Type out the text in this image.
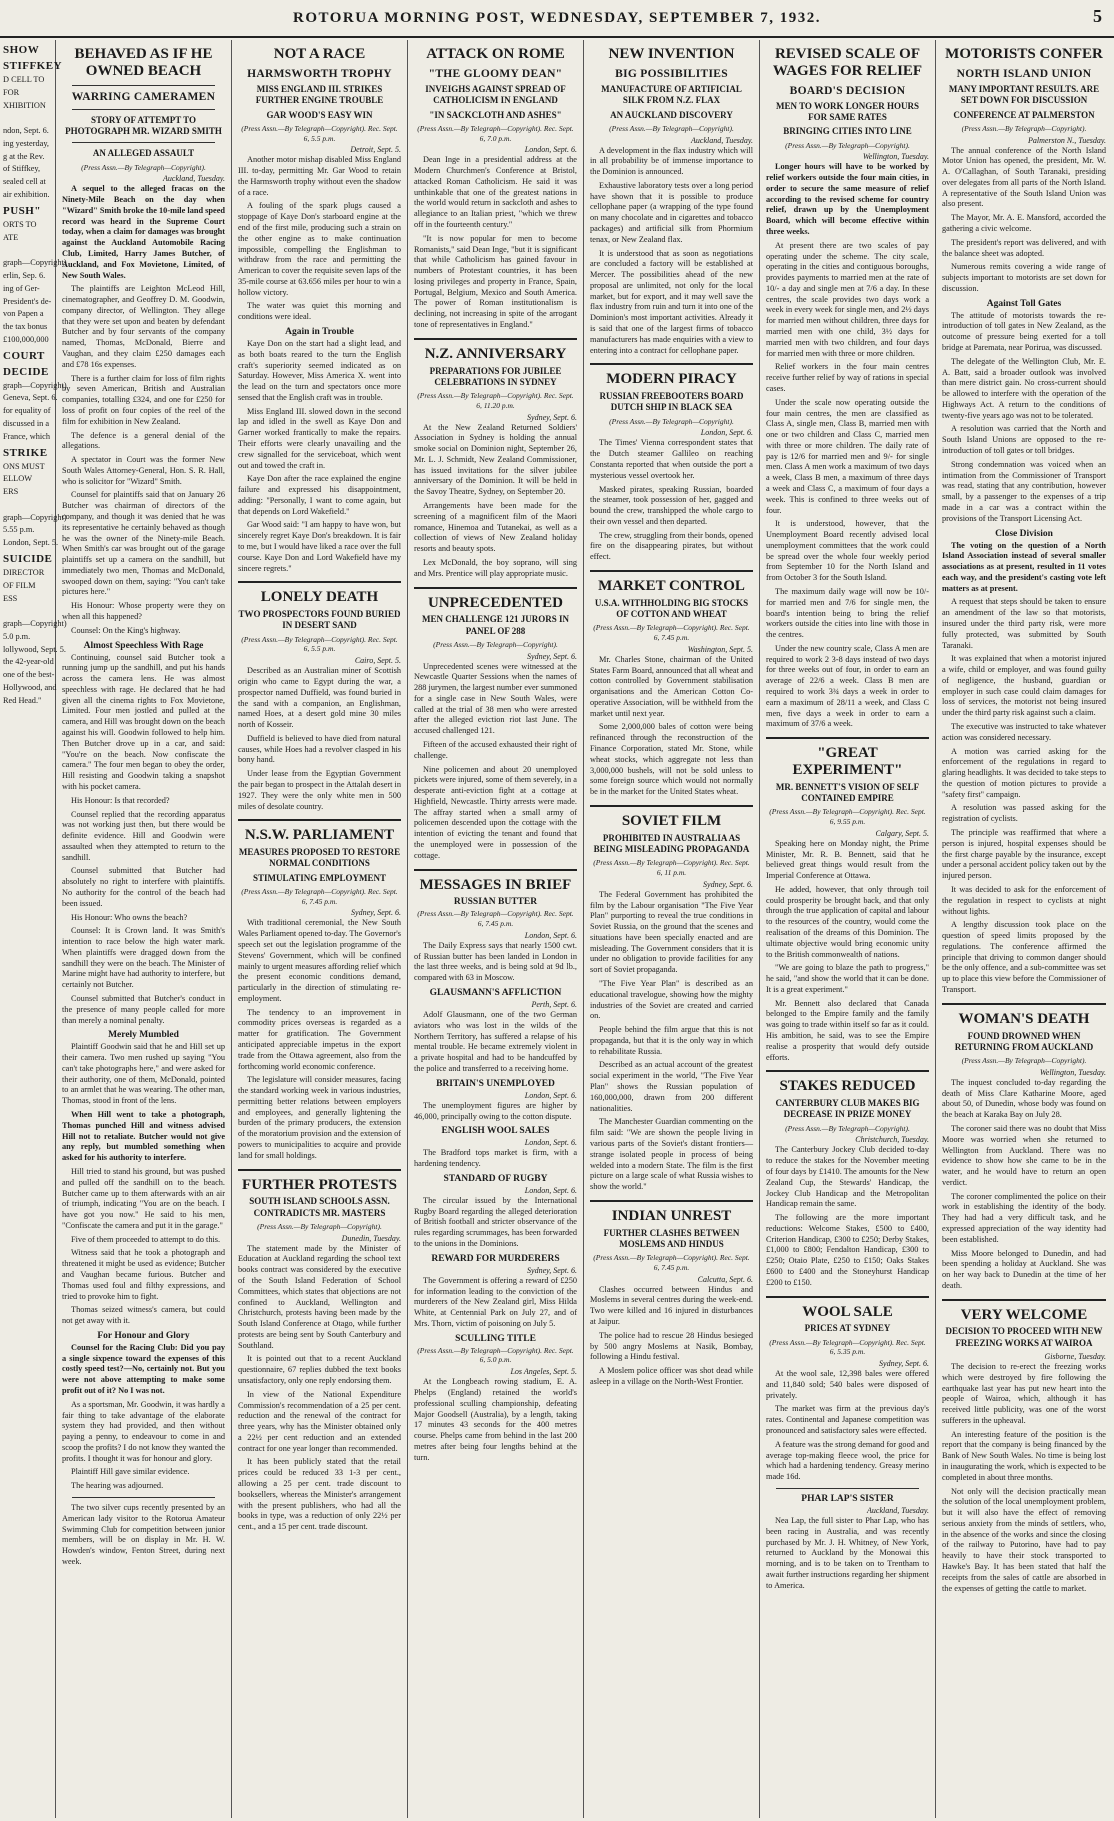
ROTORUA MORNING POST, WEDNESDAY, SEPTEMBER 7, 1932.	5
SHOW
STIFFKEY
D CELL TO
FOR
XHIBITION

ndon, Sept. 6.
ing yesterday,
g at the Rev.
of Stiffkey,
sealed cell at
air exhibition.
PUSH"
ORTS TO
ATE

graph—Copyright)
erlin, Sep. 6.
ing of Ger-
President's de-
von Papen a
the tax bonus
£100,000,000
COURT
DECIDE
graph—Copyright)
Geneva, Sept. 6.
for equality of
discussed in a
France, which
STRIKE
ONS MUST
ELLOW
ERS

graph—Copyright)
5.55 p.m.
London, Sept. 5.
SUICIDE
DIRECTOR
OF FILM
ESS

graph—Copyright)
5.0 p.m.
lollywood, Sept. 5.
the 42-year-old
one of the best-
Hollywood, and
Red Head."
BEHAVED AS IF HE OWNED BEACH
WARRING CAMERAMEN
STORY OF ATTEMPT TO PHOTOGRAPH MR. WIZARD SMITH
AN ALLEGED ASSAULT
(Press Assn.—By Telegraph—Copyright).
Auckland, Tuesday.

A sequel to the alleged fracas on the Ninety-Mile Beach on the day when "Wizard" Smith broke the 10-mile land speed record was heard in the Supreme Court today, when a claim for damages was brought against the Auckland Automobile Racing Club, Limited, Harry James Butcher, of Auckland, and Fox Movietone, Limited, of New South Wales.

The plaintiffs are Leighton McLeod Hill, cinematographer, and Geoffrey D. M. Goodwin, company director, of Wellington. They allege that they were set upon and beaten by defendant Butcher and by four servants of the company named, Thomas, McDonald, Bierre and Vaughan, and they claim £250 damages each and £78 16s expenses.

There is a further claim for loss of film rights by seven American, British and Australian companies, totalling £324, and one for £250 for loss of profit on four copies of the reel of the film for exhibition in New Zealand.

The defence is a general denial of the allegations.

A spectator in Court was the former New South Wales Attorney-General, Hon. S. R. Hall, who is solicitor for "Wizard" Smith.

Counsel for plaintiffs said that on January 26 Butcher was chairman of directors of the company, and though it was denied that he was its representative he certainly behaved as though he was the owner of the Ninety-mile Beach. When Smith's car was brought out of the garage plaintiffs set up a camera on the sandhill, but immediately two men, Thomas and McDonald, swooped down on them, saying: "You can't take pictures here."

His Honour: Whose property were they on when all this happened?

Counsel: On the King's highway.

Almost Speechless With Rage

Continuing, counsel said Butcher took a running jump up the sandhill, and put his hands across the camera lens. He was almost speechless with rage. He declared that he had given all the cinema rights to Fox Movietone, Limited. Four men jostled and pulled at the camera, and Hill was brought down on the beach against his will. Goodwin followed to help him. Then Butcher drove up in a car, and said: "You're on the beach. Now confiscate the camera." The four men began to obey the order, Hill resisting and Goodwin taking a snapshot with his pocket camera.

His Honour: Is that recorded?

Counsel replied that the recording apparatus was not working just then, but there would be definite evidence. Hill and Goodwin were assaulted when they attempted to return to the sandhill.

Counsel submitted that Butcher had absolutely no right to interfere with plaintiffs. No authority for the control of the beach had been issued.

His Honour: Who owns the beach?

Counsel: It is Crown land. It was Smith's intention to race below the high water mark. When plaintiffs were dragged down from the sandhill they were on the beach. The Minister of Marine might have had authority to interfere, but certainly not Butcher.

Counsel submitted that Butcher's conduct in the presence of many people called for more than merely a nominal penalty.

Merely Mumbled

Plaintiff Goodwin said that he and Hill set up their camera. Two men rushed up saying "You can't take photographs here," and were asked for their authority, one of them, McDonald, pointed to an armlet that he was wearing. The other man, Thomas, stood in front of the lens.

When Hill went to take a photograph, Thomas punched Hill and witness advised Hill not to retaliate. Butcher would not give any reply, but mumbled something when asked for his authority to interfere.

Hill tried to stand his ground, but was pushed and pulled off the sandhill on to the beach. Butcher came up to them afterwards with an air of triumph, indicating "You are on the beach. I have got you now." He said to his men, "Confiscate the camera and put it in the garage."

Five of them proceeded to attempt to do this.

Witness said that he took a photograph and threatened it might be used as evidence; Butcher and Vaughan became furious. Butcher and Thomas used foul and filthy expressions, and tried to provoke him to fight.

Thomas seized witness's camera, but could not get away with it.

For Honour and Glory

Counsel for the Racing Club: Did you pay a single sixpence toward the expenses of this costly speed test?—No, certainly not. But you were not above attempting to make some profit out of it? No I was not.

As a sportsman, Mr. Goodwin, it was hardly a fair thing to take advantage of the elaborate system they had provided, and then without paying a penny, to endeavour to come in and scoop the profits? I do not know they wanted the profits. I thought it was for honour and glory.

Plaintiff Hill gave similar evidence.

The hearing was adjourned.

The two silver cups recently presented by an American lady visitor to the Rotorua Amateur Swimming Club for competition between junior members, will be on display in Mr. H. W. Howden's window, Fenton Street, during next week.

NOT A RACE
HARMSWORTH TROPHY
MISS ENGLAND III. STRIKES FURTHER ENGINE TROUBLE
GAR WOOD'S EASY WIN
(Press Assn.—By Telegraph—Copyright). Rec. Sept. 6, 5.5 p.m.
Detroit, Sept. 5.

Another motor mishap disabled Miss England III. to-day, permitting Mr. Gar Wood to retain the Harmsworth trophy without even the shadow of a race.

A fouling of the spark plugs caused a stoppage of Kaye Don's starboard engine at the end of the first mile, producing such a strain on the other engine as to make continuation impossible, compelling the Englishman to withdraw from the race and permitting the American to cover the requisite seven laps of the 35-mile course at 63.656 miles per hour to win a hollow victory.

The water was quiet this morning and conditions were ideal.

Again in Trouble

Kaye Don on the start had a slight lead, and as both boats reared to the turn the English craft's superiority seemed indicated as on Saturday. However, Miss America X. went into the lead on the turn and spectators once more sensed that the English craft was in trouble.

Miss England III. slowed down in the second lap and idled in the swell as Kaye Don and Garner worked frantically to make the repairs. Their efforts were clearly unavailing and the crew signalled for the serviceboat, which went out and towed the craft in.

Kaye Don after the race explained the engine failure and expressed his disappointment, adding: "Personally, I want to come again, but that depends on Lord Wakefield."

Gar Wood said: "I am happy to have won, but sincerely regret Kaye Don's breakdown. It is fair to me, but I would have liked a race over the full course. Kaye Don and Lord Wakefield have my sincere regrets."

LONELY DEATH
TWO PROSPECTORS FOUND BURIED IN DESERT SAND
(Press Assn.—By Telegraph—Copyright). Rec. Sept. 6, 5.5 p.m.
Cairo, Sept. 5.

Described as an Australian miner of Scottish origin who came to Egypt during the war, a prospector named Duffield, was found buried in the sand with a companion, an Englishman, named Hoes, at a desert gold mine 30 miles north of Kosseir.

Duffield is believed to have died from natural causes, while Hoes had a revolver clasped in his bony hand.

Under lease from the Egyptian Government the pair began to prospect in the Attalah desert in 1927. They were the only white men in 500 miles of desolate country.

N.S.W. PARLIAMENT
MEASURES PROPOSED TO RESTORE NORMAL CONDITIONS
STIMULATING EMPLOYMENT
(Press Assn.—By Telegraph—Copyright). Rec. Sept. 6, 7.45 p.m.
Sydney, Sept. 6.

With traditional ceremonial, the New South Wales Parliament opened to-day. The Governor's speech set out the legislation programme of the Stevens' Government, which will be confined mainly to urgent measures affording relief which the present economic conditions demand, particularly in the direction of stimulating re-employment.

The tendency to an improvement in commodity prices overseas is regarded as a matter for gratification. The Government anticipated appreciable impetus in the export trade from the Ottawa agreement, also from the forthcoming world economic conference.

The legislature will consider measures, facing the standard working week in various industries, permitting better relations between employers and employees, and generally lightening the burden of the primary producers, the extension of the moratorium provision and the extension of powers to municipalities to acquire and provide land for small holdings.

FURTHER PROTESTS
SOUTH ISLAND SCHOOLS ASSN. CONTRADICTS MR. MASTERS
(Press Assn.—By Telegraph—Copyright).
Dunedin, Tuesday.

The statement made by the Minister of Education at Auckland regarding the school text books contract was considered by the executive of the South Island Federation of School Committees, which states that objections are not confined to Auckland, Wellington and Christchurch, protests having been made by the South Island Conference at Otago, while further protests are being sent by South Canterbury and Southland.

It is pointed out that to a recent Auckland questionnaire, 67 replies dubbed the text books unsatisfactory, only one reply endorsing them.

In view of the National Expenditure Commission's recommendation of a 25 per cent. reduction and the renewal of the contract for three years, why has the Minister obtained only a 22½ per cent reduction and an extended contract for one year longer than recommended.

It has been publicly stated that the retail prices could be reduced 33 1-3 per cent., allowing a 25 per cent. trade discount to booksellers, whereas the Minister's arrangement with the present publishers, who had all the books in type, was a reduction of only 22½ per cent., and a 15 per cent. trade discount.

ATTACK ON ROME
"THE GLOOMY DEAN"
INVEIGHS AGAINST SPREAD OF CATHOLICISM IN ENGLAND
"IN SACKCLOTH AND ASHES"
(Press Assn.—By Telegraph—Copyright). Rec. Sept. 6, 7.0 p.m.
London, Sept. 6.

Dean Inge in a presidential address at the Modern Churchmen's Conference at Bristol, attacked Roman Catholicism. He said it was unthinkable that one of the greatest nations in the world would return in sackcloth and ashes to allegiance to an Italian priest, "which we threw off in the fourteenth century."

"It is now popular for men to become Romanists," said Dean Inge, "but it is significant that while Catholicism has gained favour in numbers of Protestant countries, it has been losing privileges and property in France, Spain, Portugal, Belgium, Mexico and South America. The power of Roman institutionalism is declining, not increasing in spite of the arrogant tone of representatives in England."

N.Z. ANNIVERSARY
PREPARATIONS FOR JUBILEE CELEBRATIONS IN SYDNEY
(Press Assn.—By Telegraph—Copyright). Rec. Sept. 6, 11.20 p.m.
Sydney, Sept. 6.

At the New Zealand Returned Soldiers' Association in Sydney is holding the annual smoke social on Dominion night, September 26, Mr. L. J. Schmidt, New Zealand Commissioner, has issued invitations for the silver jubilee anniversary of the Dominion. It will be held in the Savoy Theatre, Sydney, on September 20.

Arrangements have been made for the screening of a magnificent film of the Maori romance, Hinemoa and Tutanekai, as well as a collection of views of New Zealand holiday resorts and beauty spots.

Lex McDonald, the boy soprano, will sing and Mrs. Prentice will play appropriate music.

UNPRECEDENTED
MEN CHALLENGE 121 JURORS IN PANEL OF 288
(Press Assn.—By Telegraph—Copyright).
Sydney, Sept. 6.

Unprecedented scenes were witnessed at the Newcastle Quarter Sessions when the names of 288 jurymen, the largest number ever summoned for a single case in New South Wales, were called at the trial of 38 men who were arrested after the alleged eviction riot last June. The accused challenged 121.

Fifteen of the accused exhausted their right of challenge.

Nine policemen and about 20 unemployed pickets were injured, some of them severely, in a desperate anti-eviction fight at a cottage at Highfield, Newcastle. Thirty arrests were made. The affray started when a small army of policemen descended upon the cottage with the intention of evicting the tenant and found that the unemployed were in possession of the cottage.

MESSAGES IN BRIEF
RUSSIAN BUTTER
(Press Assn.—By Telegraph—Copyright). Rec. Sept. 6, 7.45 p.m.
London, Sept. 6.

The Daily Express says that nearly 1500 cwt. of Russian butter has been landed in London in the last three weeks, and is being sold at 9d lb., compared with 63 in Moscow.

GLAUSMANN'S AFFLICTION
Perth, Sept. 6.

Adolf Glausmann, one of the two German aviators who was lost in the wilds of the Northern Territory, has suffered a relapse of his mental trouble. He became extremely violent in a private hospital and had to be handcuffed by the police and transferred to a receiving home.

BRITAIN'S UNEMPLOYED
London, Sept. 6.

The unemployment figures are higher by 46,000, principally owing to the cotton dispute.

ENGLISH WOOL SALES
London, Sept. 6.

The Bradford tops market is firm, with a hardening tendency.

STANDARD OF RUGBY
London, Sept. 6.

The circular issued by the International Rugby Board regarding the alleged deterioration of British football and stricter observance of the rules regarding scrummages, has been forwarded to the unions in the Dominions.

REWARD FOR MURDERERS
Sydney, Sept. 6.

The Government is offering a reward of £250 for information leading to the conviction of the murderers of the New Zealand girl, Miss Hilda White, at Centennial Park on July 27, and of Mrs. Thorn, victim of poisoning on July 5.

SCULLING TITLE
(Press Assn.—By Telegraph—Copyright). Rec. Sept. 6, 5.0 p.m.
Los Angeles, Sept. 5.

At the Longbeach rowing stadium, E. A. Phelps (England) retained the world's professional sculling championship, defeating Major Goodsell (Australia), by a length, taking 17 minutes 43 seconds for the 400 metres course. Phelps came from behind in the last 200 metres after being four lengths behind at the turn.

NEW INVENTION
BIG POSSIBILITIES
MANUFACTURE OF ARTIFICIAL SILK FROM N.Z. FLAX
AN AUCKLAND DISCOVERY
(Press Assn.—By Telegraph—Copyright).
Auckland, Tuesday.

A development in the flax industry which will in all probability be of immense importance to the Dominion is announced.

Exhaustive laboratory tests over a long period have shown that it is possible to produce cellophane paper (a wrapping of the type found on many chocolate and in cigarettes and tobacco packages) and artificial silk from Phormium tenax, or New Zealand flax.

It is understood that as soon as negotiations are concluded a factory will be established at Mercer. The possibilities ahead of the new proposal are unlimited, not only for the local market, but for export, and it may well save the flax industry from ruin and turn it into one of the Dominion's most important activities. Already it is said that one of the largest firms of tobacco manufacturers has made enquiries with a view to entering into a contract for cellophane paper.

MODERN PIRACY
RUSSIAN FREEBOOTERS BOARD DUTCH SHIP IN BLACK SEA
(Press Assn.—By Telegraph—Copyright).
London, Sept. 6.

The Times' Vienna correspondent states that the Dutch steamer Gallileo on reaching Constanta reported that when outside the port a mysterious vessel overtook her.

Masked pirates, speaking Russian, boarded the steamer, took possession of her, gagged and bound the crew, transhipped the whole cargo to their own vessel and then departed.

The crew, struggling from their bonds, opened fire on the disappearing pirates, but without effect.

MARKET CONTROL
U.S.A. WITHHOLDING BIG STOCKS OF COTTON AND WHEAT
(Press Assn.—By Telegraph—Copyright). Rec. Sept. 6, 7.45 p.m.
Washington, Sept. 5.

Mr. Charles Stone, chairman of the United States Farm Board, announced that all wheat and cotton controlled by Government stabilisation organisations and the American Cotton Co-operative Association, will be withheld from the market until next year.

Some 2,000,000 bales of cotton were being refinanced through the reconstruction of the Finance Corporation, stated Mr. Stone, while wheat stocks, which aggregate not less than 3,000,000 bushels, will not be sold unless to some foreign source which would not normally be in the market for the United States wheat.

SOVIET FILM
PROHIBITED IN AUSTRALIA AS BEING MISLEADING PROPAGANDA
(Press Assn.—By Telegraph—Copyright). Rec. Sept. 6, 11 p.m.
Sydney, Sept. 6.

The Federal Government has prohibited the film by the Labour organisation "The Five Year Plan" purporting to reveal the true conditions in Soviet Russia, on the ground that the scenes and situations have been specially enacted and are misleading. The Government considers that it is under no obligation to provide facilities for any sort of Soviet propaganda.

"The Five Year Plan" is described as an educational travelogue, showing how the mighty industries of the Soviet are created and carried on.

People behind the film argue that this is not propaganda, but that it is the only way in which to rehabilitate Russia.

Described as an actual account of the greatest social experiment in the world, "The Five Year Plan" shows the Russian population of 160,000,000, drawn from 200 different nationalities.

The Manchester Guardian commenting on the film said: "We are shown the people living in various parts of the Soviet's distant frontiers—strange isolated people in process of being welded into a modern State. The film is the first picture on a large scale of what Russia wishes to show the world."

INDIAN UNREST
FURTHER CLASHES BETWEEN MOSLEMS AND HINDUS
(Press Assn.—By Telegraph—Copyright). Rec. Sept. 6, 7.45 p.m.
Calcutta, Sept. 6.

Clashes occurred between Hindus and Moslems in several centres during the week-end. Two were killed and 16 injured in disturbances at Jaipur.

The police had to rescue 28 Hindus besieged by 500 angry Moslems at Nasik, Bombay, following a Hindu festival.

A Moslem police officer was shot dead while asleep in a village on the North-West Frontier.

REVISED SCALE OF WAGES FOR RELIEF
BOARD'S DECISION
MEN TO WORK LONGER HOURS FOR SAME RATES
BRINGING CITIES INTO LINE
(Press Assn.—By Telegraph—Copyright).
Wellington, Tuesday.

Longer hours will have to be worked by relief workers outside the four main cities, in order to secure the same measure of relief according to the revised scheme for country relief, drawn up by the Unemployment Board, which will become effective within three weeks.

At present there are two scales of pay operating under the scheme. The city scale, operating in the cities and contiguous boroughs, provides payments to married men at the rate of 10/- a day and single men at 7/6 a day. In these centres, the scale provides two days work a week in every week for single men, and 2½ days for married men without children, three days for married men with one child, 3½ days for married men with two children, and four days for married men with three or more children.

Relief workers in the four main centres receive further relief by way of rations in special cases.

Under the scale now operating outside the four main centres, the men are classified as Class A, single men, Class B, married men with one or two children and Class C, married men with three or more children. The daily rate of pay is 12/6 for married men and 9/- for single men. Class A men work a maximum of two days a week, Class B men, a maximum of three days a week and Class C, a maximum of four days a week. This is confined to three weeks out of four.

It is understood, however, that the Unemployment Board recently advised local unemployment committees that the work could be spread over the whole four weekly period from September 10 for the North Island and from October 3 for the South Island.

The maximum daily wage will now be 10/- for married men and 7/6 for single men, the board's intention being to bring the relief workers outside the cities into line with those in the centres.

Under the new country scale, Class A men are required to work 2 3-8 days instead of two days for three weeks out of four, in order to earn an average of 22/6 a week. Class B men are required to work 3¾ days a week in order to earn a maximum of 28/11 a week, and Class C men, five days a week in order to earn a maximum of 37/6 a week.

"GREAT EXPERIMENT"
MR. BENNETT'S VISION OF SELF CONTAINED EMPIRE
(Press Assn.—By Telegraph—Copyright). Rec. Sept. 6, 9.55 p.m.
Calgary, Sept. 5.

Speaking here on Monday night, the Prime Minister, Mr. R. B. Bennett, said that he believed great things would result from the Imperial Conference at Ottawa.

He added, however, that only through toil could prosperity be brought back, and that only through the true application of capital and labour to the resources of the country, would come the realisation of the dreams of this Dominion. The ultimate objective would bring economic unity to the British commonwealth of nations.

"We are going to blaze the path to progress," he said, "and show the world that it can be done. It is a great experiment."

Mr. Bennett also declared that Canada belonged to the Empire family and the family was going to trade within itself so far as it could. His ambition, he said, was to see the Empire realise a prosperity that would defy outside efforts.

STAKES REDUCED
CANTERBURY CLUB MAKES BIG DECREASE IN PRIZE MONEY
(Press Assn.—By Telegraph—Copyright).
Christchurch, Tuesday.

The Canterbury Jockey Club decided to-day to reduce the stakes for the November meeting of four days by £1410. The amounts for the New Zealand Cup, the Stewards' Handicap, the Jockey Club Handicap and the Metropolitan Handicap remain the same.

The following are the more important reductions: Welcome Stakes, £500 to £400, Criterion Handicap, £300 to £250; Derby Stakes, £1,000 to £800; Fendalton Handicap, £300 to £250; Otaio Plate, £250 to £150; Oaks Stakes £600 to £400 and the Stoneyhurst Handicap £200 to £150.

WOOL SALE
PRICES AT SYDNEY
(Press Assn.—By Telegraph—Copyright). Rec. Sept. 6, 5.35 p.m.
Sydney, Sept. 6.

At the wool sale, 12,398 bales were offered and 11,840 sold; 540 bales were disposed of privately.

The market was firm at the previous day's rates. Continental and Japanese competition was pronounced and satisfactory sales were effected.

A feature was the strong demand for good and average top-making fleece wool, the price for which had a hardening tendency. Greasy merino made 16d.

PHAR LAP'S SISTER
Auckland, Tuesday.

Nea Lap, the full sister to Phar Lap, who has been racing in Australia, and was recently purchased by Mr. J. H. Whitney, of New York, returned to Auckland by the Monowai this morning, and is to be taken on to Trentham to await further instructions regarding her shipment to America.

MOTORISTS CONFER
NORTH ISLAND UNION
MANY IMPORTANT RESULTS. ARE SET DOWN FOR DISCUSSION
CONFERENCE AT PALMERSTON
(Press Assn.—By Telegraph—Copyright).
Palmerston N., Tuesday.

The annual conference of the North Island Motor Union has opened, the president, Mr. W. A. O'Callaghan, of South Taranaki, presiding over delegates from all parts of the North Island. A representative of the South Island Union was also present.

The Mayor, Mr. A. E. Mansford, accorded the gathering a civic welcome.

The president's report was delivered, and with the balance sheet was adopted.

Numerous remits covering a wide range of subjects important to motorists are set down for discussion.

Against Toll Gates

The attitude of motorists towards the re-introduction of toll gates in New Zealand, as the outcome of pressure being exerted for a toll bridge at Paremata, near Porirua, was discussed.

The delegate of the Wellington Club, Mr. E. A. Batt, said a broader outlook was involved than mere district gain. No cross-current should be allowed to interfere with the operation of the Highways Act. A return to the conditions of twenty-five years ago was not to be tolerated.

A resolution was carried that the North and South Island Unions are opposed to the re-introduction of toll gates or toll bridges.

Strong condemnation was voiced when an intimation from the Commissioner of Transport was read, stating that any contribution, however small, by a passenger to the expenses of a trip made in a car was a contract within the provisions of the Transport Licensing Act.

Close Division

The voting on the question of a North Island Association instead of several smaller associations as at present, resulted in 11 votes each way, and the president's casting vote left matters as at present.

A request that steps should be taken to ensure an amendment of the law so that motorists, insured under the third party risk, were more fully protected, was submitted by South Taranaki.

It was explained that when a motorist injured a wife, child or employer, and was found guilty of negligence, the husband, guardian or employer in such case could claim damages for loss of services, the motorist not being insured under the third party risk against such a claim.

The executive was instructed to take whatever action was considered necessary.

A motion was carried asking for the enforcement of the regulations in regard to glaring headlights. It was decided to take steps to the question of motion pictures to provide a "safety first" campaign.

A resolution was passed asking for the registration of cyclists.

The principle was reaffirmed that where a person is injured, hospital expenses should be the first charge payable by the insurance, except under a personal accident policy taken out by the injured person.

It was decided to ask for the enforcement of the regulation in respect to cyclists at night without lights.

A lengthy discussion took place on the question of speed limits proposed by the regulations. The conference affirmed the principle that driving to common danger should be the only offence, and a sub-committee was set up to place this view before the Commissioner of Transport.

WOMAN'S DEATH
FOUND DROWNED WHEN RETURNING FROM AUCKLAND
(Press Assn.—By Telegraph—Copyright).
Wellington, Tuesday.

The inquest concluded to-day regarding the death of Miss Clare Katharine Moore, aged about 50, of Dunedin, whose body was found on the beach at Karaka Bay on July 28.

The coroner said there was no doubt that Miss Moore was worried when she returned to Wellington from Auckland. There was no evidence to show how she came to be in the water, and he would have to return an open verdict.

The coroner complimented the police on their work in establishing the identity of the body. They had had a very difficult task, and he expressed appreciation of the way identity had been established.

Miss Moore belonged to Dunedin, and had been spending a holiday at Auckland. She was on her way back to Dunedin at the time of her death.

VERY WELCOME
DECISION TO PROCEED WITH NEW FREEZING WORKS AT WAIROA
Gisborne, Tuesday.

The decision to re-erect the freezing works which were destroyed by fire following the earthquake last year has put new heart into the people of Wairoa, which, although it has received little publicity, was one of the worst sufferers in the upheaval.

An interesting feature of the position is the report that the company is being financed by the Bank of New South Wales. No time is being lost in inaugurating the work, which is expected to be completed in about three months.

Not only will the decision practically mean the solution of the local unemployment problem, but it will also have the effect of removing serious anxiety from the minds of settlers, who, in the absence of the works and since the closing of the railway to Putorino, have had to pay heavily to have their stock transported to Hawke's Bay. It has been stated that half the receipts from the sales of cattle are absorbed in the expenses of getting the cattle to market.
